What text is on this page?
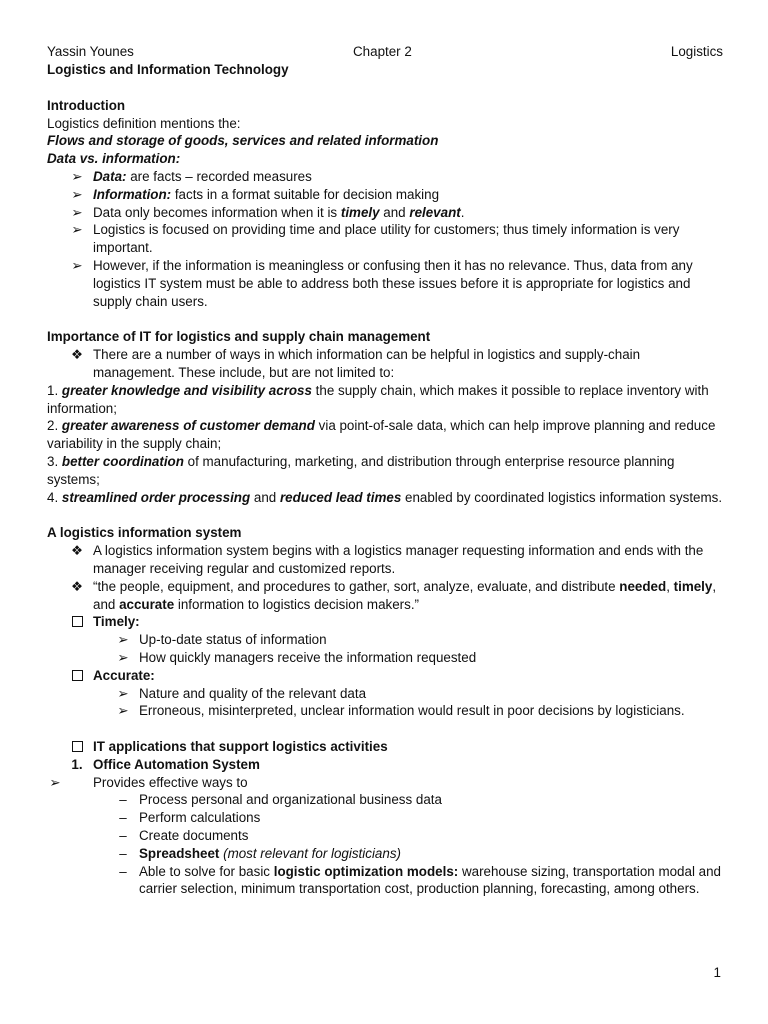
Yassin Younes	Chapter 2	Logistics
Logistics and Information Technology
Introduction
Logistics definition mentions the:
Flows and storage of goods, services and related information
Data vs. information:
➢ Data: are facts – recorded measures
➢ Information: facts in a format suitable for decision making
➢ Data only becomes information when it is timely and relevant.
➢ Logistics is focused on providing time and place utility for customers; thus timely information is very important.
➢ However, if the information is meaningless or confusing then it has no relevance. Thus, data from any logistics IT system must be able to address both these issues before it is appropriate for logistics and supply chain users.
Importance of IT for logistics and supply chain management
❖ There are a number of ways in which information can be helpful in logistics and supply-chain management. These include, but are not limited to:
1. greater knowledge and visibility across the supply chain, which makes it possible to replace inventory with information;
2. greater awareness of customer demand via point-of-sale data, which can help improve planning and reduce variability in the supply chain;
3. better coordination of manufacturing, marketing, and distribution through enterprise resource planning systems;
4. streamlined order processing and reduced lead times enabled by coordinated logistics information systems.
A logistics information system
❖ A logistics information system begins with a logistics manager requesting information and ends with the manager receiving regular and customized reports.
❖ “the people, equipment, and procedures to gather, sort, analyze, evaluate, and distribute needed, timely, and accurate information to logistics decision makers.”
Timely:
➢ Up-to-date status of information
➢ How quickly managers receive the information requested
Accurate:
➢ Nature and quality of the relevant data
➢ Erroneous, misinterpreted, unclear information would result in poor decisions by logisticians.
IT applications that support logistics activities
1. Office Automation System
➢ Provides effective ways to
– Process personal and organizational business data
– Perform calculations
– Create documents
– Spreadsheet (most relevant for logisticians)
– Able to solve for basic logistic optimization models: warehouse sizing, transportation modal and carrier selection, minimum transportation cost, production planning, forecasting, among others.
1
